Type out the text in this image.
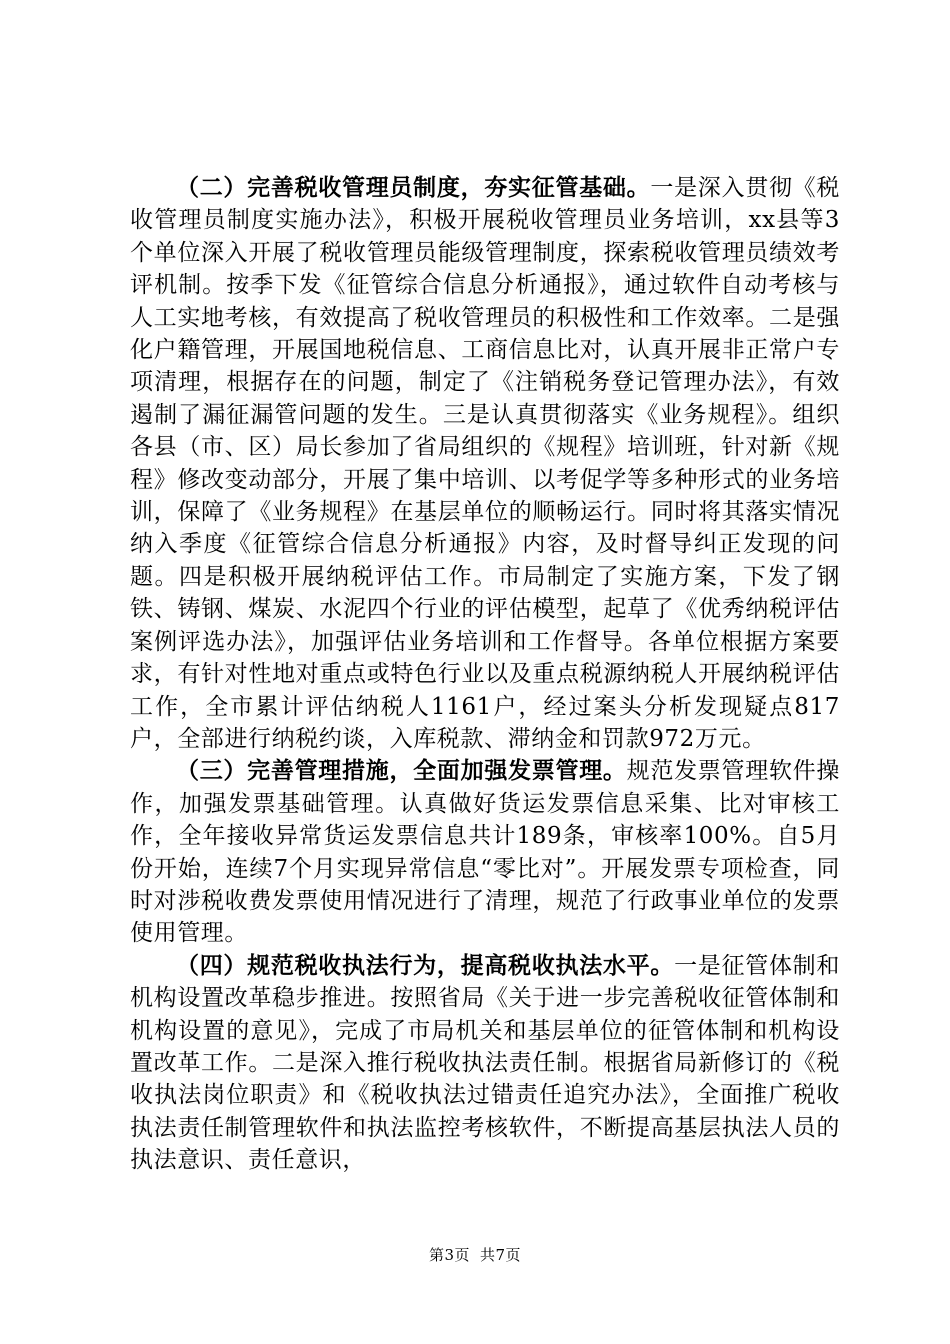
（二）完善税收管理员制度，夯实征管基础。一是深入贯彻《税收管理员制度实施办法》，积极开展税收管理员业务培训，xx县等3个单位深入开展了税收管理员能级管理制度，探索税收管理员绩效考评机制。按季下发《征管综合信息分析通报》，通过软件自动考核与人工实地考核，有效提高了税收管理员的积极性和工作效率。二是强化户籍管理，开展国地税信息、工商信息比对，认真开展非正常户专项清理，根据存在的问题，制定了《注销税务登记管理办法》，有效遏制了漏征漏管问题的发生。三是认真贯彻落实《业务规程》。组织各县（市、区）局长参加了省局组织的《规程》培训班，针对新《规程》修改变动部分，开展了集中培训、以考促学等多种形式的业务培训，保障了《业务规程》在基层单位的顺畅运行。同时将其落实情况纳入季度《征管综合信息分析通报》内容，及时督导纠正发现的问题。四是积极开展纳税评估工作。市局制定了实施方案，下发了钢铁、铸钢、煤炭、水泥四个行业的评估模型，起草了《优秀纳税评估案例评选办法》，加强评估业务培训和工作督导。各单位根据方案要求，有针对性地对重点或特色行业以及重点税源纳税人开展纳税评估工作，全市累计评估纳税人1161户，经过案头分析发现疑点817户，全部进行纳税约谈，入库税款、滞纳金和罚款972万元。

（三）完善管理措施，全面加强发票管理。规范发票管理软件操作，加强发票基础管理。认真做好货运发票信息采集、比对审核工作，全年接收异常货运发票信息共计189条，审核率100%。自5月份开始，连续7个月实现异常信息“零比对”。开展发票专项检查，同时对涉税收费发票使用情况进行了清理，规范了行政事业单位的发票使用管理。

（四）规范税收执法行为，提高税收执法水平。一是征管体制和机构设置改革稳步推进。按照省局《关于进一步完善税收征管体制和机构设置的意见》，完成了市局机关和基层单位的征管体制和机构设置改革工作。二是深入推行税收执法责任制。根据省局新修订的《税收执法岗位职责》和《税收执法过错责任追究办法》，全面推广税收执法责任制管理软件和执法监控考核软件，不断提高基层执法人员的执法意识、责任意识，

第3页 共7页
